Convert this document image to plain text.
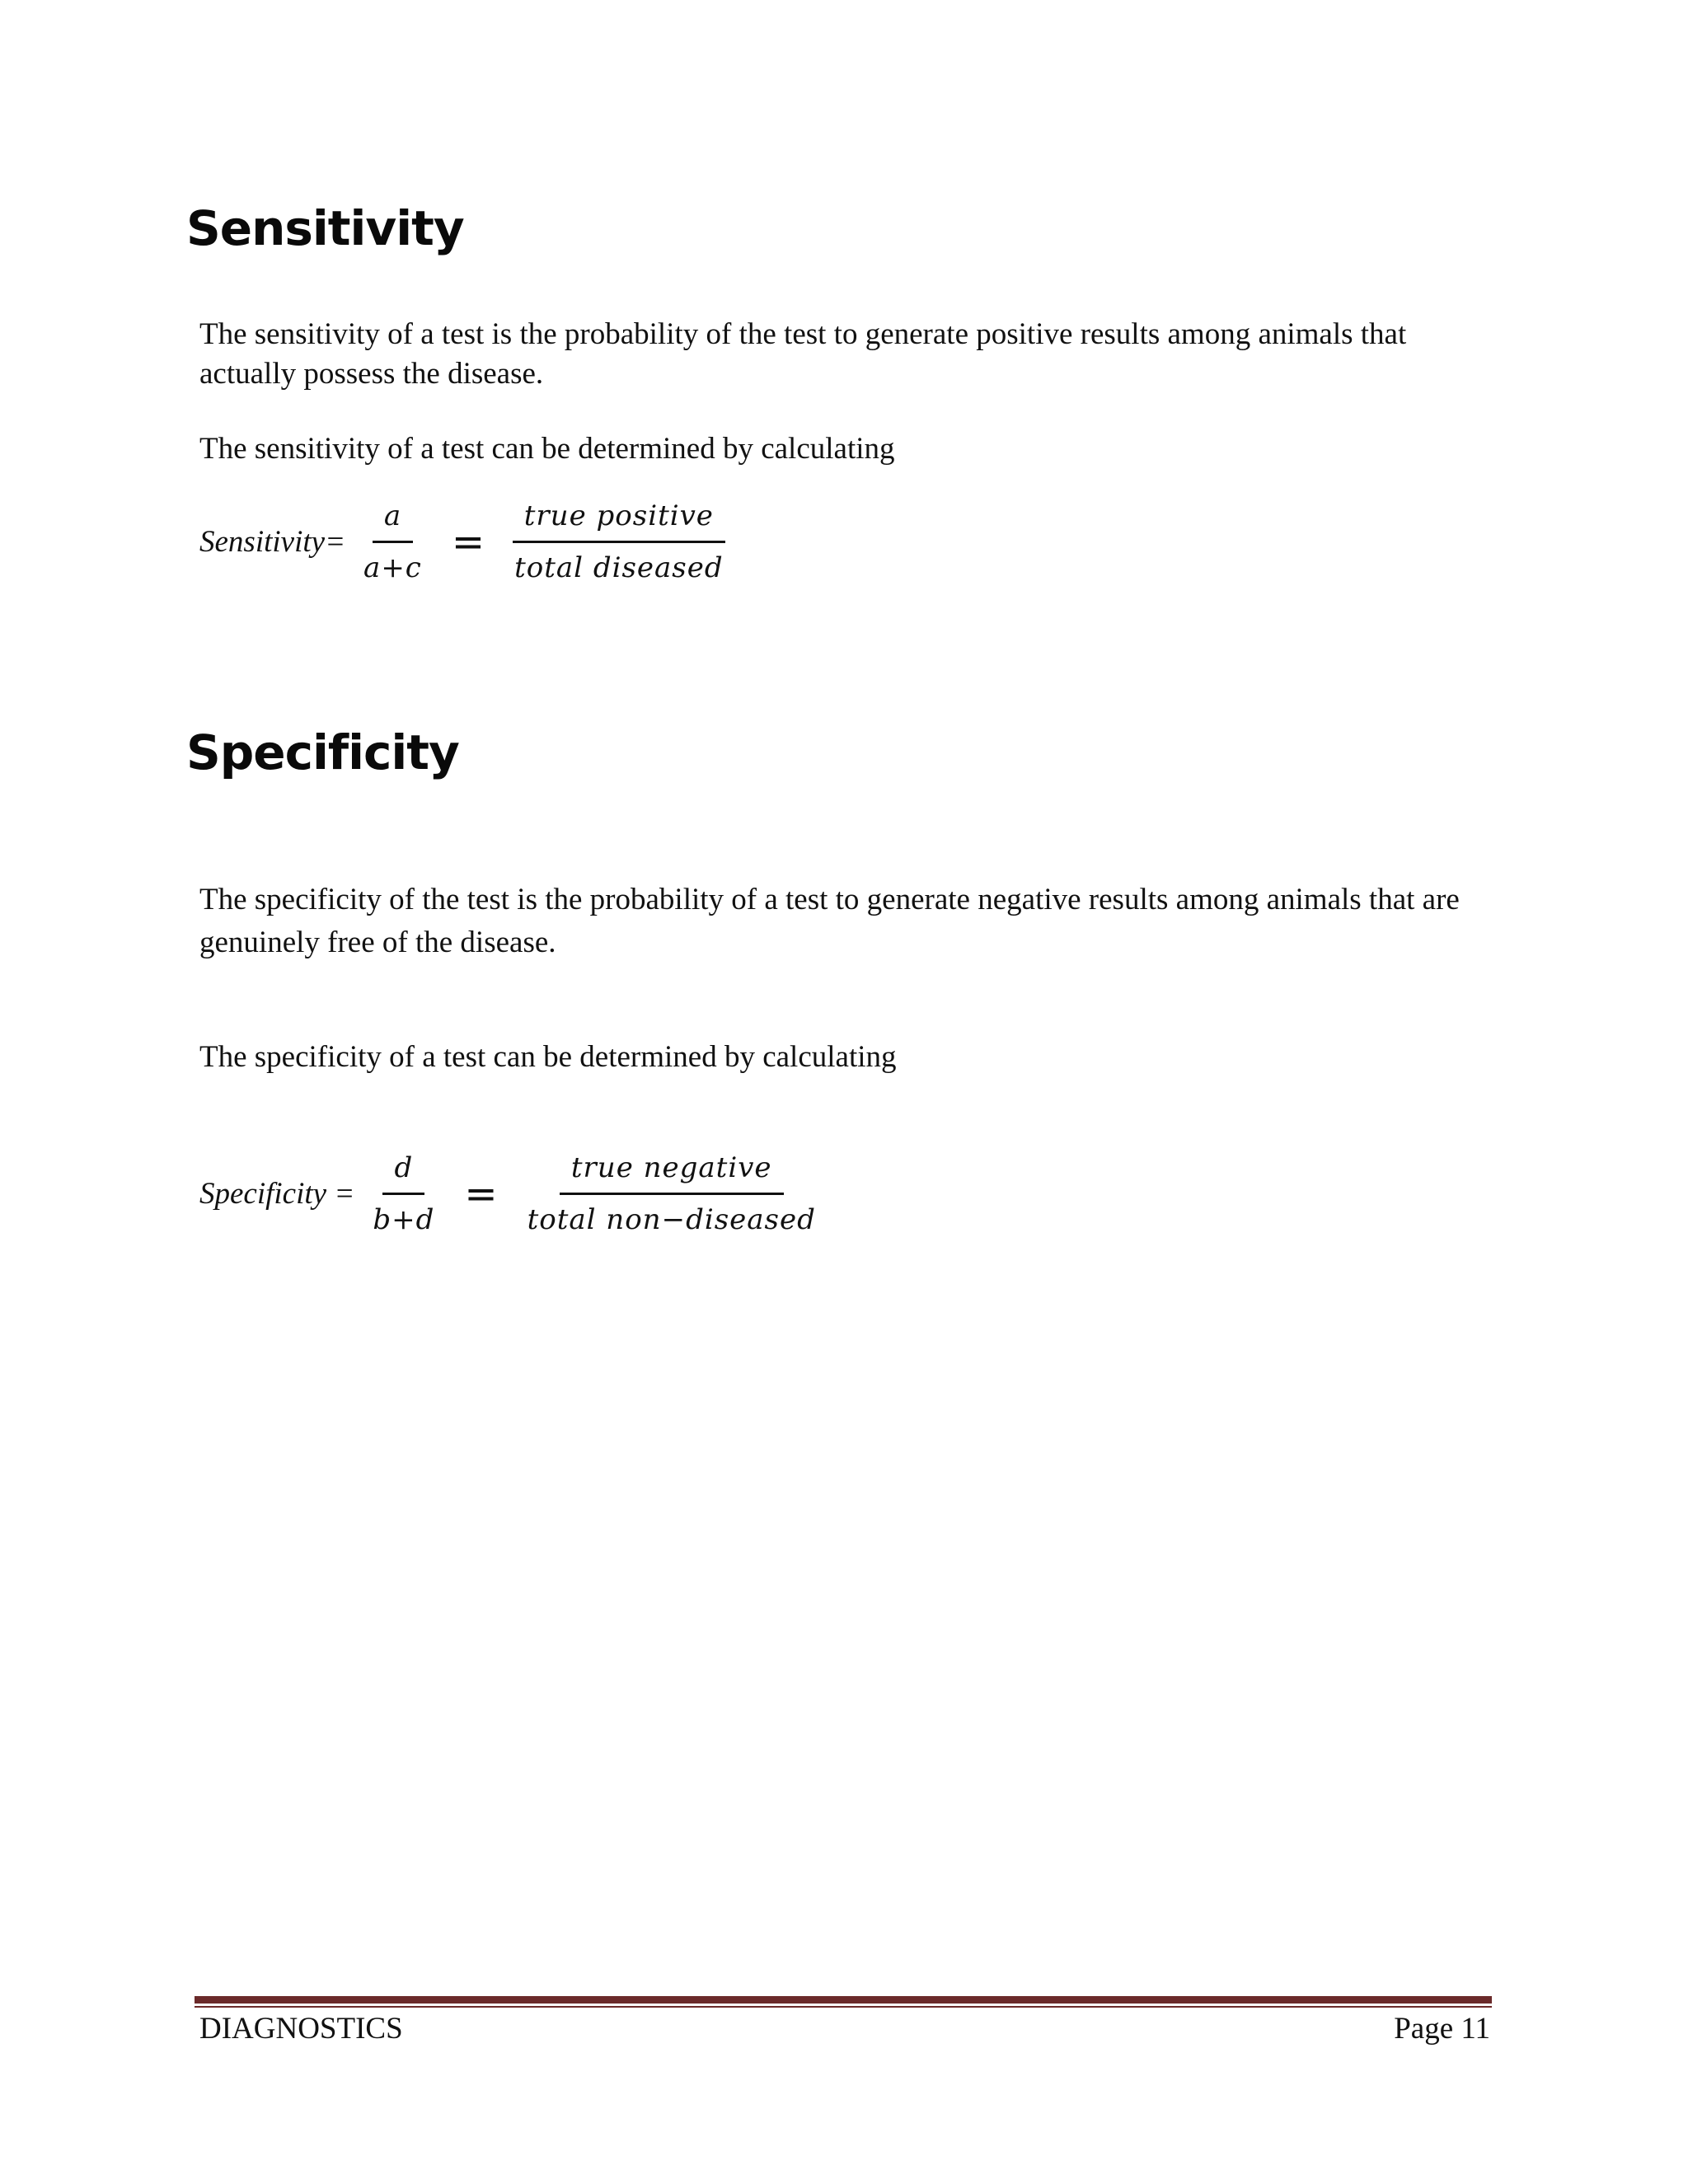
Sensitivity

The sensitivity of a test is the probability of the test to generate positive results among animals that actually possess the disease.

The sensitivity of a test can be determined by calculating

Sensitivity= $\frac{a}{a+c} = \frac{\text{true positive}}{\text{total diseased}}$
Specificity

The specificity of the test is the probability of a test to generate negative results among animals that are genuinely free of the disease.

The specificity of a test can be determined by calculating

Specificity = $\frac{d}{b+d} = \frac{\text{true negative}}{\text{total non−diseased}}$

DIAGNOSTICS	Page 11
